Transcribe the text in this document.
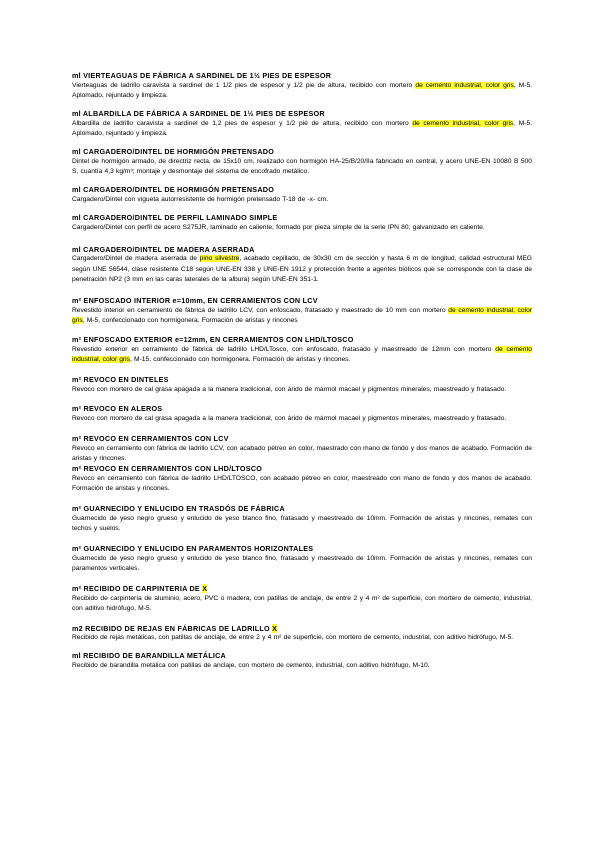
ml VIERTEAGUAS DE FÁBRICA A SARDINEL DE 1½ PIES DE ESPESOR
Vierteaguas de ladrillo caravista a sardinel de 1 1/2 pies de espesor y 1/2 pie de altura, recibido con mortero de cemento industrial, color gris, M-5. Aplomado, rejuntado y limpieza.
ml ALBARDILLA DE FÁBRICA A SARDINEL DE 1½ PIES DE ESPESOR
Albardilla de ladrillo caravista a sardinel de 1,2 pies de espesor y 1/2 pié de altura, recibido con mortero de cemento industrial, color gris, M-5. Aplomado, rejuntado y limpieza.
ml CARGADERO/DINTEL DE HORMIGÓN PRETENSADO
Dintel de hormigón armado, de directriz recta, de 15x10 cm, realizado con hormigón HA-25/B/20/IIa fabricado en central, y acero UNE-EN 10080 B 500 S, cuantía 4,3 kg/m³; montaje y desmontaje del sistema de encofrado metálico.
ml CARGADERO/DINTEL DE HORMIGÓN PRETENSADO
Cargadero/Dintel con vigueta autorresistente de hormigón pretensado T-18 de -x- cm.
ml CARGADERO/DINTEL DE PERFIL LAMINADO SIMPLE
Cargadero/Dintel con perfil de acero S275JR, laminado en caliente, formado por pieza simple de la serie IPN 80, galvanizado en caliente.
ml CARGADERO/DINTEL DE MADERA ASERRADA
Cargadero/Dintel de madera aserrada de pino silvestre, acabado cepillado, de 30x30 cm de sección y hasta 6 m de longitud, calidad estructural MEG según UNE 56544, clase resistente C18 según UNE-EN 338 y UNE-EN 1912 y protección frente a agentes bióticos que se corresponde con la clase de penetración NP2 (3 mm en las caras laterales de la albura) según UNE-EN 351-1.
m² ENFOSCADO INTERIOR e=10mm, EN CERRAMIENTOS CON LCV
Revestido interior en cerramiento de fábrica de ladrillo LCV, con enfoscado, fratasado y maestrado de 10 mm con mortero de cemento industrial, color gris, M-5, confeccionado con hormigonera. Formación de aristas y rincones
m² ENFOSCADO EXTERIOR e=12mm, EN CERRAMIENTOS CON LHD/LTOSCO
Revestido exterior en cerramiento de fábrica de ladrillo LHD/LTosco, con enfoscado, fratasado y maestreado de 12mm con mortero de cemento industrial, color gris, M-15, confeccionado con hormigonera. Formación de aristas y rincones.
m² REVOCO EN DINTELES
Revoco con mortero de cal grasa apagada a la manera tradicional, con árido de mármol macael y pigmentos minerales, maestreado y fratasado.
m² REVOCO EN ALEROS
Revoco con mortero de cal grasa apagada a la manera tradicional, con árido de mármol macael y pigmentos minerales, maestreado y fratasado.
m² REVOCO EN CERRAMIENTOS CON LCV
Revoco en cerramiento con fábrica de ladrillo LCV, con acabado pétreo en color, maestrado con mano de fondo y dos manos de acabado. Formación de aristas y rincones.
m² REVOCO EN CERRAMIENTOS CON LHD/LTOSCO
Revoco en cerramiento con fábrica de ladrillo LHD/LTOSCO, con acabado pétreo en color, maestreado con mano de fondo y dos manos de acabado. Formación de aristas y rincones.
m² GUARNECIDO Y ENLUCIDO EN TRASDÓS DE FÁBRICA
Guarnecido de yeso negro grueso y enlucido de yeso blanco fino, fratasado y maestreado de 10mm. Formación de aristas y rincones, remates con techos y suelos.
m² GUARNECIDO Y ENLUCIDO EN PARAMENTOS HORIZONTALES
Guarnecido de yeso negro grueso y enlucido de yeso blanco fino, fratasado y maestreado de 10mm. Formación de aristas y rincones, remates con paramentos verticales.
m² RECIBIDO DE CARPINTERIA DE X
Recibido de carpintería de aluminio, acero, PVC o madera, con patillas de anclaje, de entre 2 y 4 m² de superficie, con mortero de cemento, industrial, con aditivo hidrófugo, M-5.
m2 RECIBIDO DE REJAS EN FÁBRICAS DE LADRILLO X
Recibido de rejas metálicas, con patillas de anclaje, de entre 2 y 4 m² de superficie, con mortero de cemento, industrial, con aditivo hidrófugo, M-5.
ml RECIBIDO DE BARANDILLA METÁLICA
Recibido de barandilla metálica con patillas de anclaje, con mortero de cemento, industrial, con aditivo hidrófugo, M-10.
